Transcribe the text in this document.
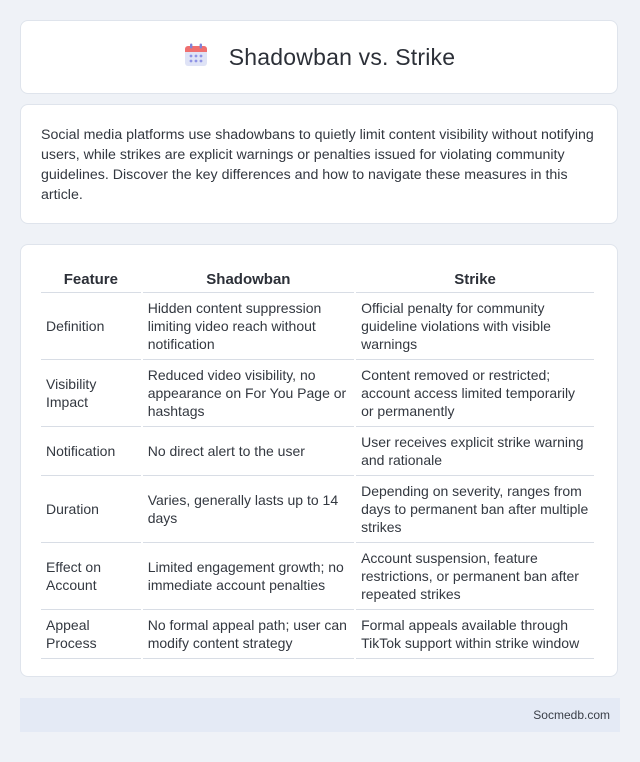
Shadowban vs. Strike

Social media platforms use shadowbans to quietly limit content visibility without notifying users, while strikes are explicit warnings or penalties issued for violating community guidelines. Discover the key differences and how to navigate these measures in this article.

Feature	Shadowban	Strike
Definition	Hidden content suppression limiting video reach without notification	Official penalty for community guideline violations with visible warnings
Visibility Impact	Reduced video visibility, no appearance on For You Page or hashtags	Content removed or restricted; account access limited temporarily or permanently
Notification	No direct alert to the user	User receives explicit strike warning and rationale
Duration	Varies, generally lasts up to 14 days	Depending on severity, ranges from days to permanent ban after multiple strikes
Effect on Account	Limited engagement growth; no immediate account penalties	Account suspension, feature restrictions, or permanent ban after repeated strikes
Appeal Process	No formal appeal path; user can modify content strategy	Formal appeals available through TikTok support within strike window
Socmedb.com
